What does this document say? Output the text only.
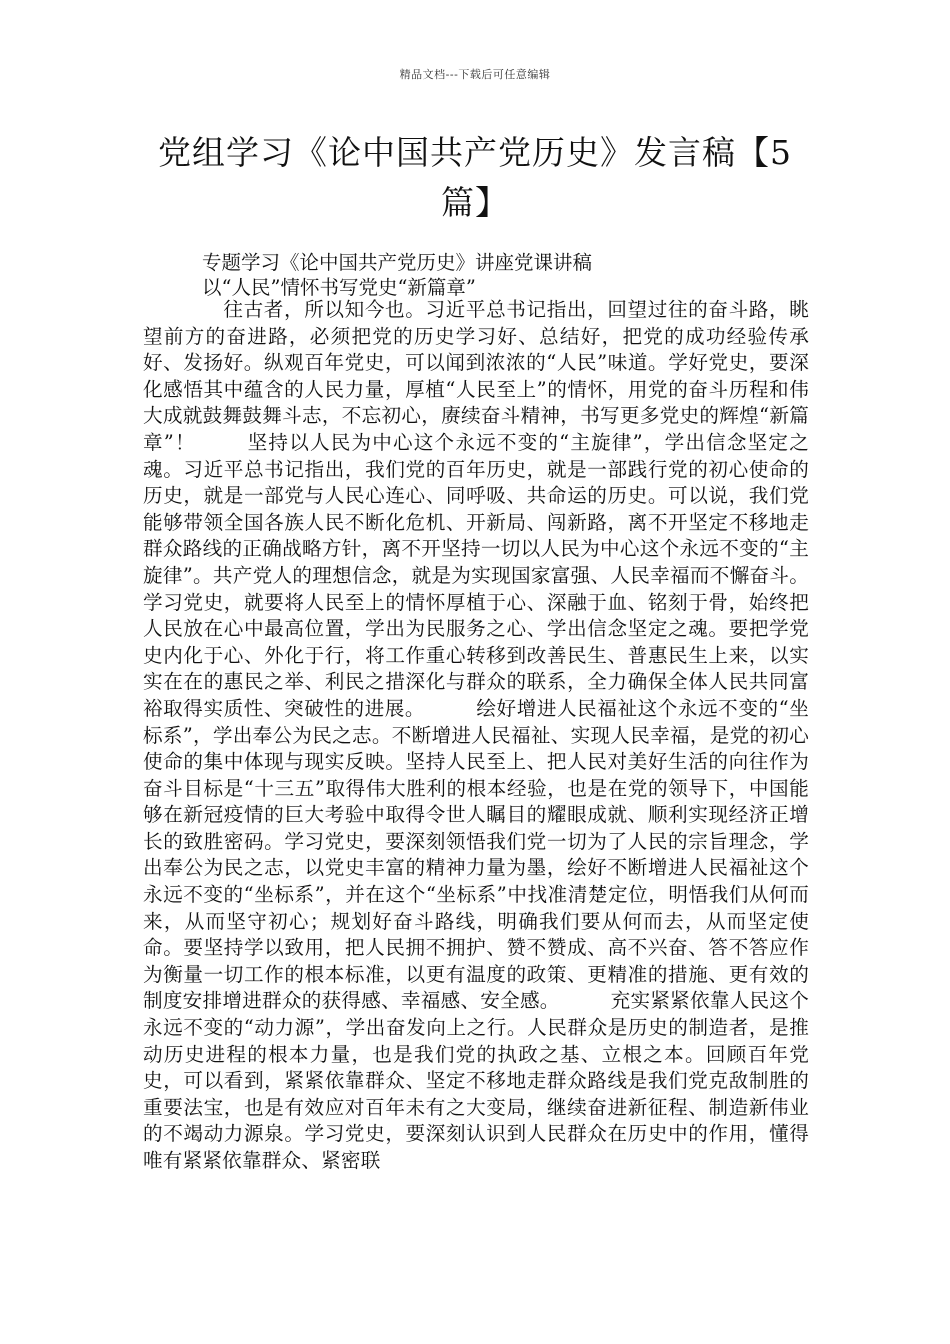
精品文档---下载后可任意编辑
党组学习《论中国共产党历史》发言稿【5篇】
专题学习《论中国共产党历史》讲座党课讲稿
以“人民”情怀书写党史“新篇章”

往古者，所以知今也。习近平总书记指出，回望过往的奋斗路，眺望前方的奋进路，必须把党的历史学习好、总结好，把党的成功经验传承好、发扬好。纵观百年党史，可以闻到浓浓的“人民”味道。学好党史，要深化感悟其中蕴含的人民力量，厚植“人民至上”的情怀，用党的奋斗历程和伟大成就鼓舞鼓舞斗志，不忘初心，赓续奋斗精神，书写更多党史的辉煌“新篇章”！	坚持以人民为中心这个永远不变的“主旋律”，学出信念坚定之魂。习近平总书记指出，我们党的百年历史，就是一部践行党的初心使命的历史，就是一部党与人民心连心、同呼吸、共命运的历史。可以说，我们党能够带领全国各族人民不断化危机、开新局、闯新路，离不开坚定不移地走群众路线的正确战略方针，离不开坚持一切以人民为中心这个永远不变的“主旋律”。共产党人的理想信念，就是为实现国家富强、人民幸福而不懈奋斗。学习党史，就要将人民至上的情怀厚植于心、深融于血、铭刻于骨，始终把人民放在心中最高位置，学出为民服务之心、学出信念坚定之魂。要把学党史内化于心、外化于行，将工作重心转移到改善民生、普惠民生上来，以实实在在的惠民之举、利民之措深化与群众的联系，全力确保全体人民共同富裕取得实质性、突破性的进展。	绘好增进人民福祉这个永远不变的“坐标系”，学出奉公为民之志。不断增进人民福祉、实现人民幸福，是党的初心使命的集中体现与现实反映。坚持人民至上、把人民对美好生活的向往作为奋斗目标是“十三五”取得伟大胜利的根本经验，也是在党的领导下，中国能够在新冠疫情的巨大考验中取得令世人瞩目的耀眼成就、顺利实现经济正增长的致胜密码。学习党史，要深刻领悟我们党一切为了人民的宗旨理念，学出奉公为民之志，以党史丰富的精神力量为墨，绘好不断增进人民福祉这个永远不变的“坐标系”，并在这个“坐标系”中找准清楚定位，明悟我们从何而来，从而坚守初心；规划好奋斗路线，明确我们要从何而去，从而坚定使命。要坚持学以致用，把人民拥不拥护、赞不赞成、高不兴奋、答不答应作为衡量一切工作的根本标准，以更有温度的政策、更精准的措施、更有效的制度安排增进群众的获得感、幸福感、安全感。	充实紧紧依靠人民这个永远不变的“动力源”，学出奋发向上之行。人民群众是历史的制造者，是推动历史进程的根本力量，也是我们党的执政之基、立根之本。回顾百年党史，可以看到，紧紧依靠群众、坚定不移地走群众路线是我们党克敌制胜的重要法宝，也是有效应对百年未有之大变局，继续奋进新征程、制造新伟业的不竭动力源泉。学习党史，要深刻认识到人民群众在历史中的作用，懂得唯有紧紧依靠群众、紧密联
